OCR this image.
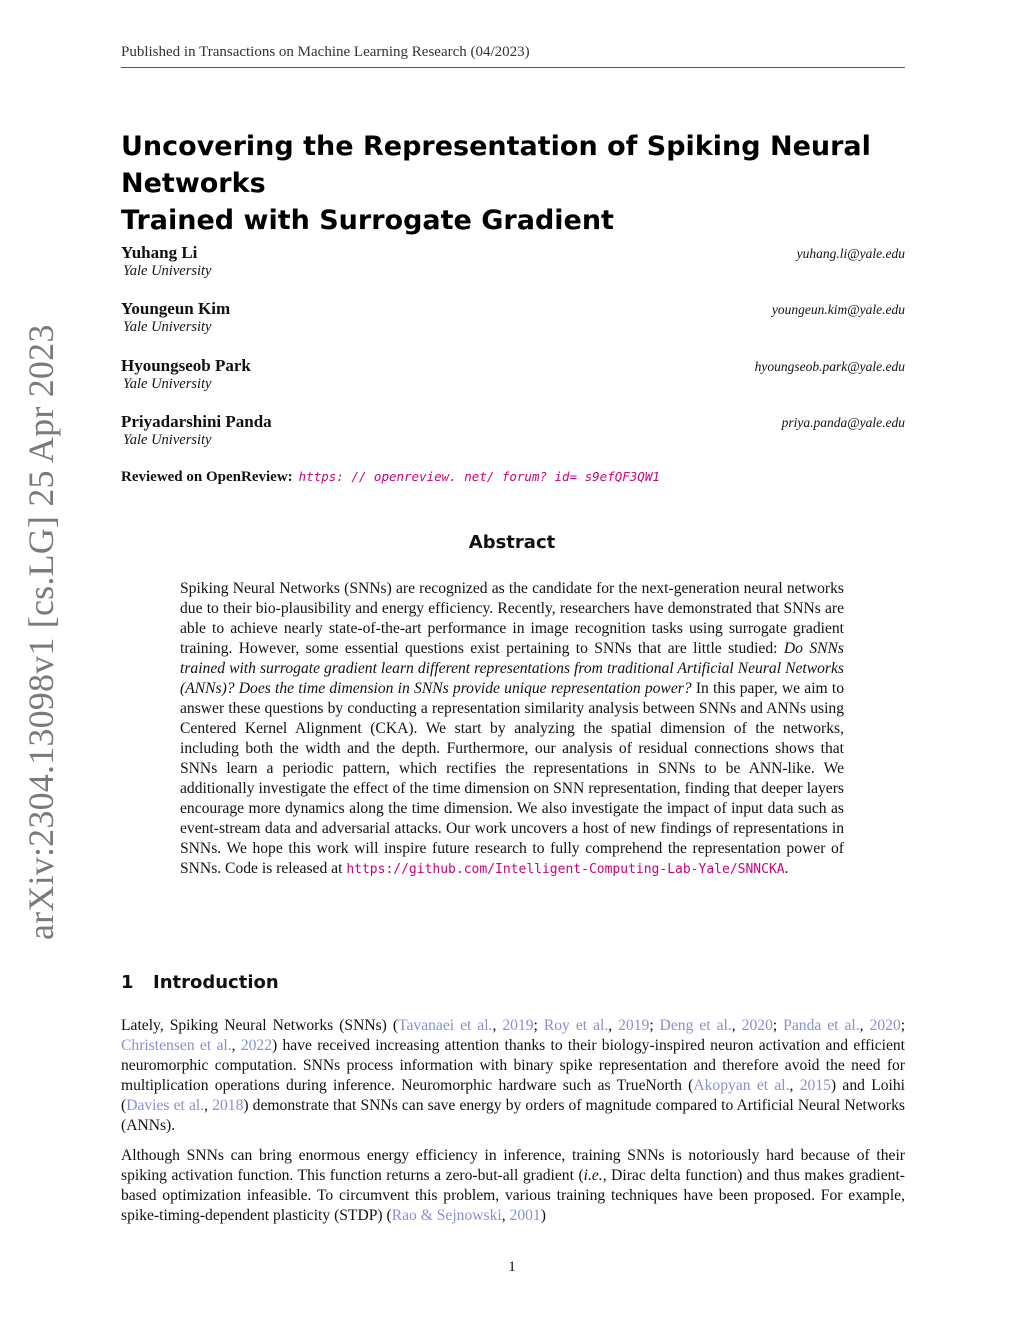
Published in Transactions on Machine Learning Research (04/2023)
arXiv:2304.13098v1 [cs.LG] 25 Apr 2023
Uncovering the Representation of Spiking Neural Networks
Trained with Surrogate Gradient
Yuhang Li
Yale University
yuhang.li@yale.edu
Youngeun Kim
Yale University
youngeun.kim@yale.edu
Hyoungseob Park
Yale University
hyoungseob.park@yale.edu
Priyadarshini Panda
Yale University
priya.panda@yale.edu
Reviewed on OpenReview: https: // openreview. net/ forum? id= s9efQF3QW1
Abstract

Spiking Neural Networks (SNNs) are recognized as the candidate for the next-generation neural networks due to their bio-plausibility and energy efficiency. Recently, researchers have demonstrated that SNNs are able to achieve nearly state-of-the-art performance in image recognition tasks using surrogate gradient training. However, some essential questions exist pertaining to SNNs that are little studied: Do SNNs trained with surrogate gradient learn different representations from traditional Artificial Neural Networks (ANNs)? Does the time dimension in SNNs provide unique representation power? In this paper, we aim to answer these questions by conducting a representation similarity analysis between SNNs and ANNs using Centered Kernel Alignment (CKA). We start by analyzing the spatial dimension of the networks, including both the width and the depth. Furthermore, our analysis of residual connections shows that SNNs learn a periodic pattern, which rectifies the representations in SNNs to be ANN-like. We additionally investigate the effect of the time dimension on SNN representation, finding that deeper layers encourage more dynamics along the time dimension. We also investigate the impact of input data such as event-stream data and adversarial attacks. Our work uncovers a host of new findings of representations in SNNs. We hope this work will inspire future research to fully comprehend the representation power of SNNs. Code is released at https://github.com/Intelligent-Computing-Lab-Yale/SNNCKA.

1 Introduction

Lately, Spiking Neural Networks (SNNs) (Tavanaei et al., 2019; Roy et al., 2019; Deng et al., 2020; Panda et al., 2020; Christensen et al., 2022) have received increasing attention thanks to their biology-inspired neuron activation and efficient neuromorphic computation. SNNs process information with binary spike representation and therefore avoid the need for multiplication operations during inference. Neuromorphic hardware such as TrueNorth (Akopyan et al., 2015) and Loihi (Davies et al., 2018) demonstrate that SNNs can save energy by orders of magnitude compared to Artificial Neural Networks (ANNs).

Although SNNs can bring enormous energy efficiency in inference, training SNNs is notoriously hard because of their spiking activation function. This function returns a zero-but-all gradient (i.e., Dirac delta function) and thus makes gradient-based optimization infeasible. To circumvent this problem, various training techniques have been proposed. For example, spike-timing-dependent plasticity (STDP) (Rao & Sejnowski, 2001)

1
